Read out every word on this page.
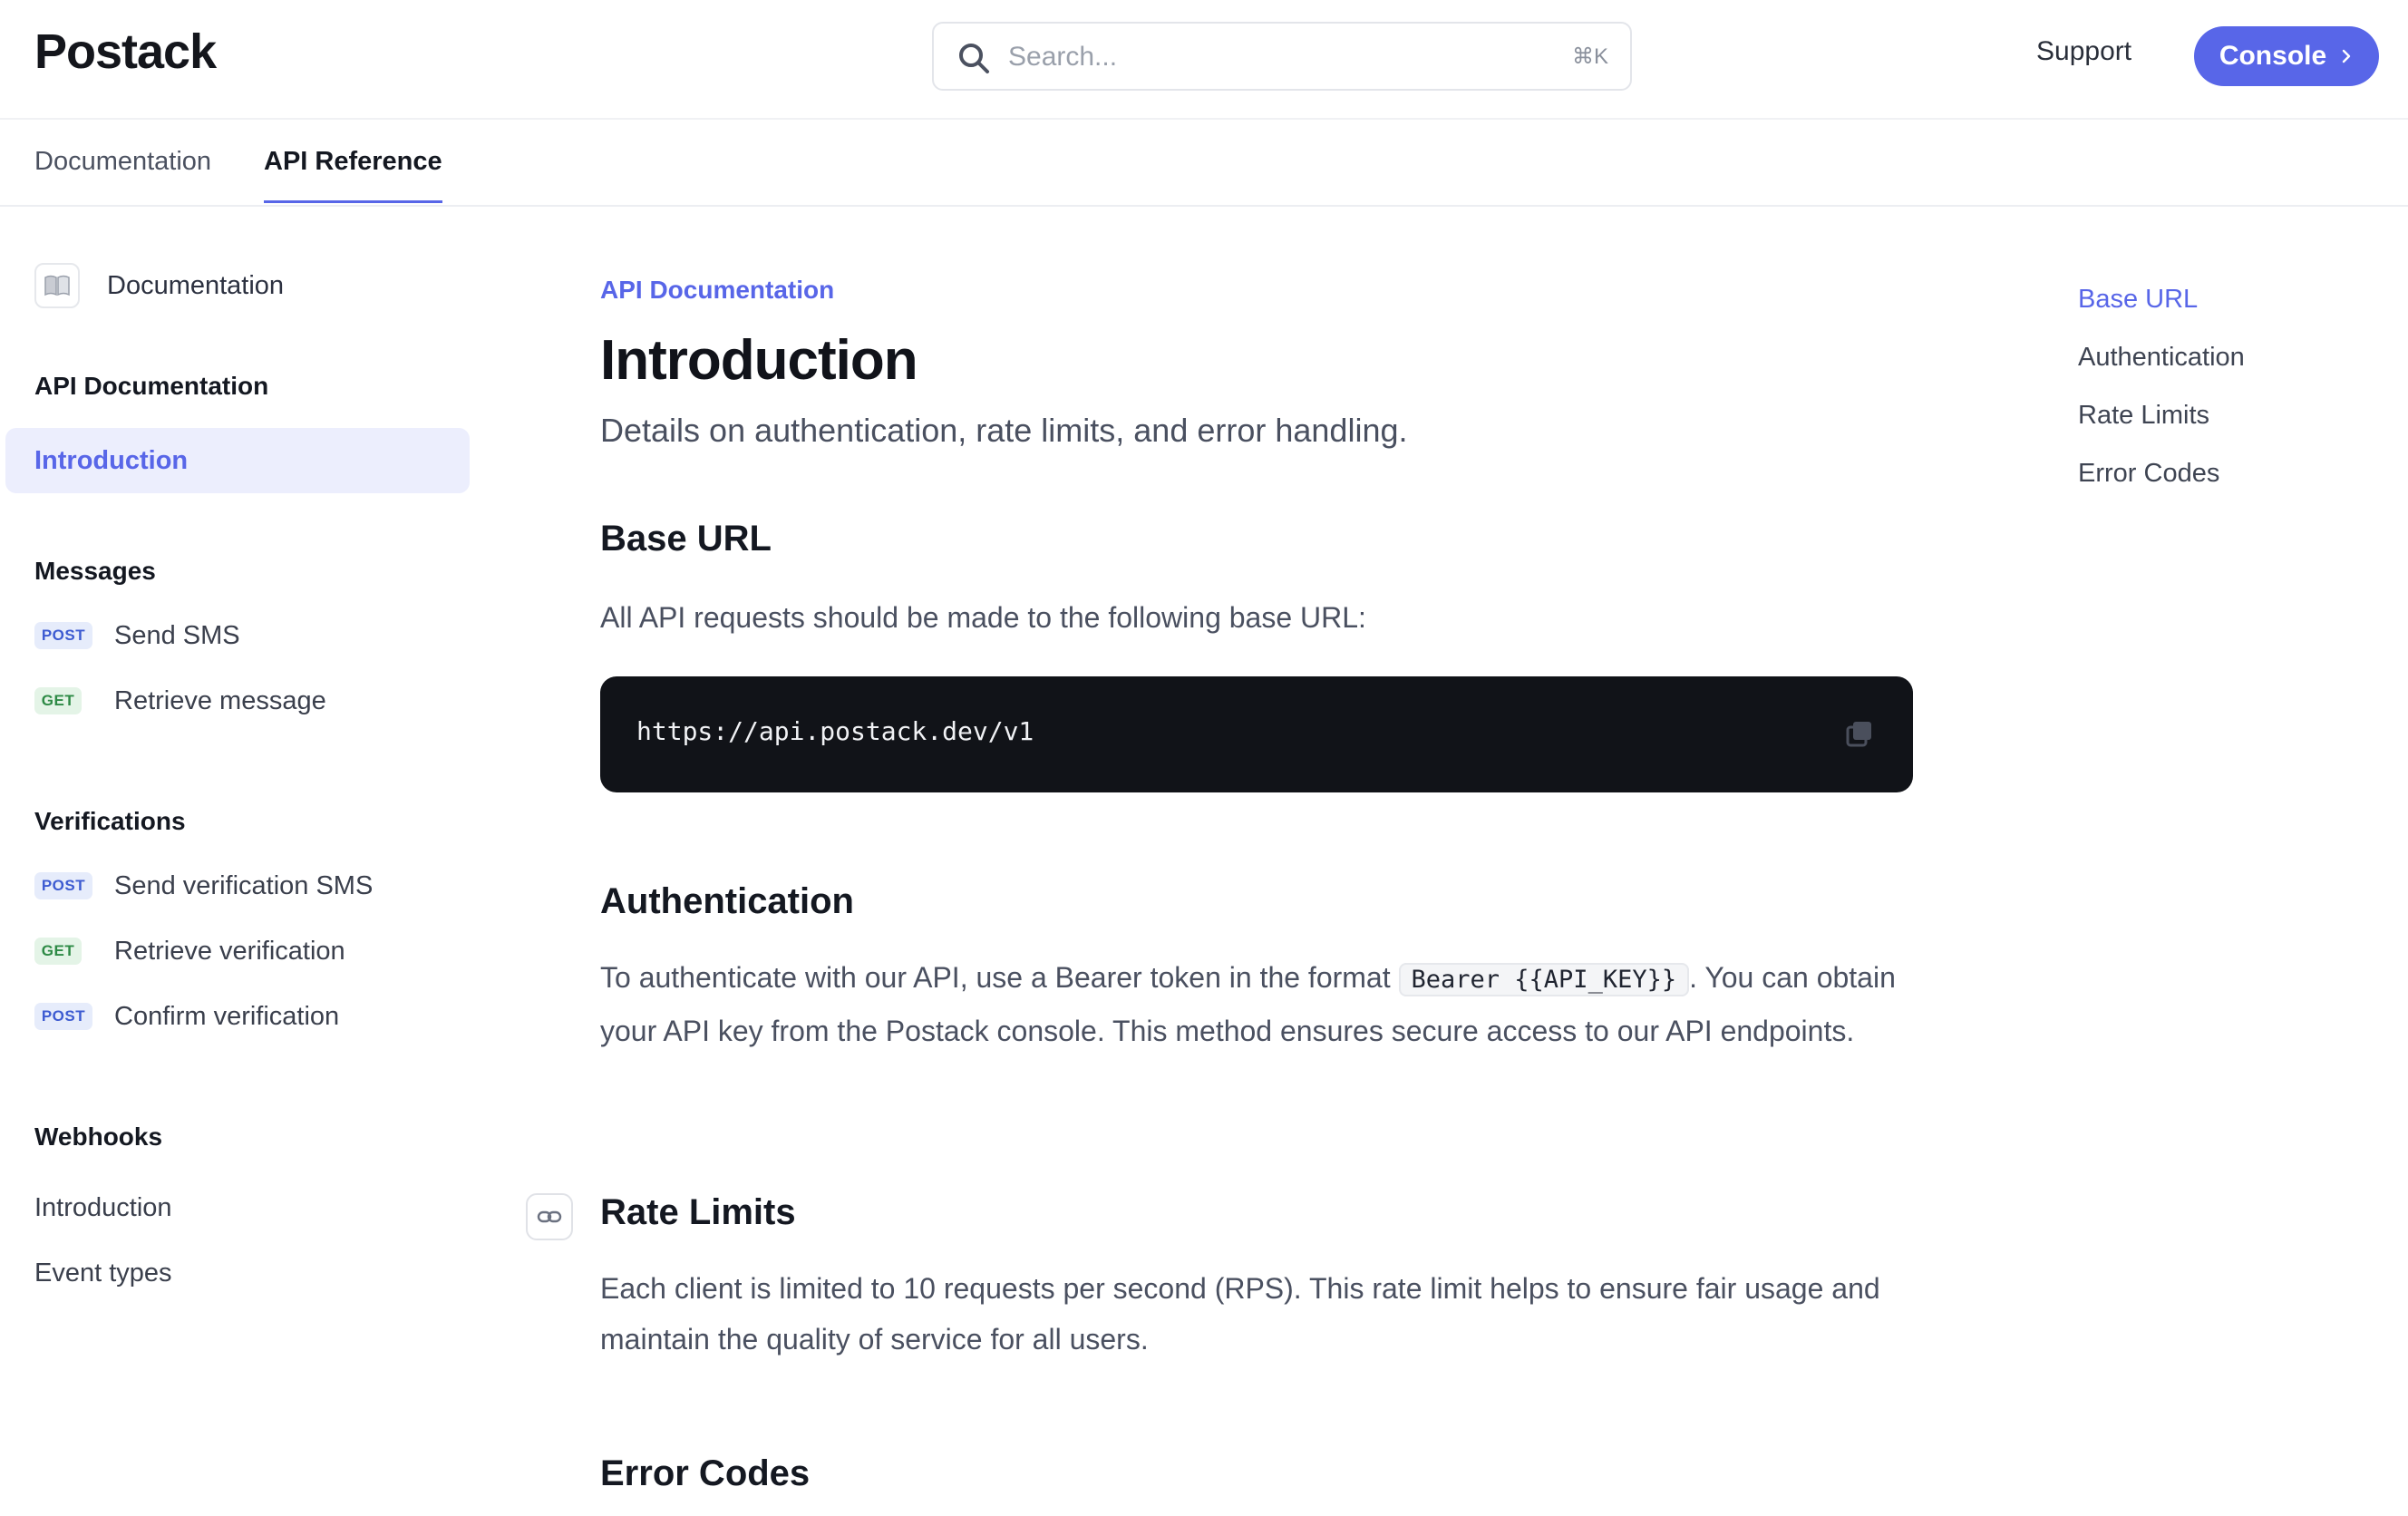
Postack
Search...	⌘K	Support	Console
Documentation API Reference
Documentation
API Documentation
Introduction
Messages
POST Send SMS
GET Retrieve message
Verifications
POST Send verification SMS
GET Retrieve verification
POST Confirm verification
Webhooks
Introduction
Event types
API Documentation
Introduction

Details on authentication, rate limits, and error handling.

Base URL

All API requests should be made to the following base URL:

https://api.postack.dev/v1
Authentication

To authenticate with our API, use a Bearer token in the format Bearer {{API_KEY}} . You can obtain your API key from the Postack console. This method ensures secure access to our API endpoints.

Rate Limits

Each client is limited to 10 requests per second (RPS). This rate limit helps to ensure fair usage and maintain the quality of service for all users.

Error Codes
Base URL
Authentication
Rate Limits
Error Codes
